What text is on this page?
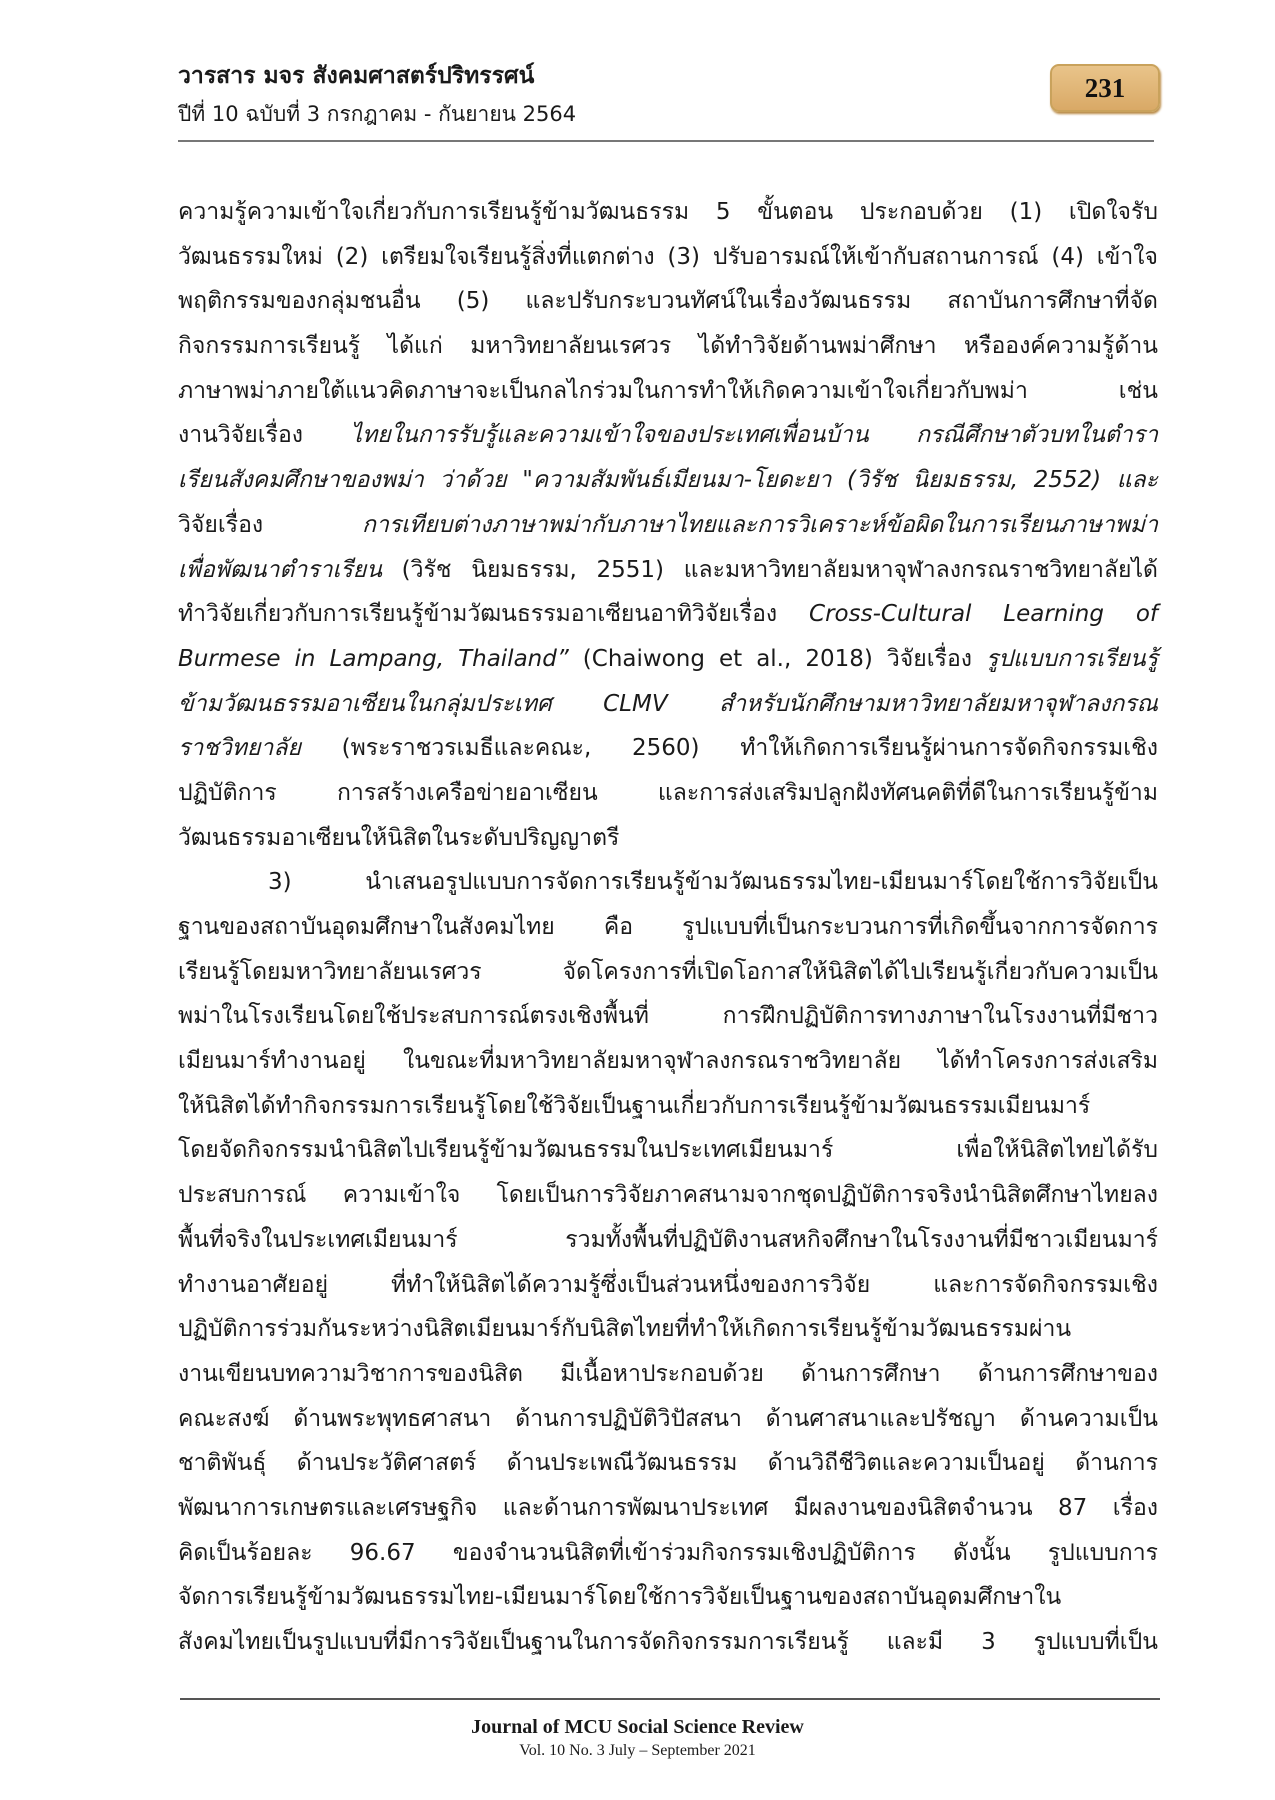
วารสาร มจร สังคมศาสตร์ปริทรรศน์
ปีที่ 10 ฉบับที่ 3 กรกฎาคม - กันยายน 2564
231
ความรู้ความเข้าใจเกี่ยวกับการเรียนรู้ข้ามวัฒนธรรม 5 ขั้นตอน ประกอบด้วย (1) เปิดใจรับ
วัฒนธรรมใหม่ (2) เตรียมใจเรียนรู้สิ่งที่แตกต่าง (3) ปรับอารมณ์ให้เข้ากับสถานการณ์ (4) เข้าใจ
พฤติกรรมของกลุ่มชนอื่น (5) และปรับกระบวนทัศน์ในเรื่องวัฒนธรรม สถาบันการศึกษาที่จัด
กิจกรรมการเรียนรู้ ได้แก่ มหาวิทยาลัยนเรศวร ได้ทำวิจัยด้านพม่าศึกษา หรือองค์ความรู้ด้าน
ภาษาพม่าภายใต้แนวคิดภาษาจะเป็นกลไกร่วมในการทำให้เกิดความเข้าใจเกี่ยวกับพม่า เช่น
งานวิจัยเรื่อง ไทยในการรับรู้และความเข้าใจของประเทศเพื่อนบ้าน กรณีศึกษาตัวบทในตำรา
เรียนสังคมศึกษาของพม่า ว่าด้วย "ความสัมพันธ์เมียนมา-โยดะยา (วิรัช นิยมธรรม, 2552) และ
วิจัยเรื่อง การเทียบต่างภาษาพม่ากับภาษาไทยและการวิเคราะห์ข้อผิดในการเรียนภาษาพม่า
เพื่อพัฒนาตำราเรียน (วิรัช นิยมธรรม, 2551) และมหาวิทยาลัยมหาจุฬาลงกรณราชวิทยาลัยได้
ทำวิจัยเกี่ยวกับการเรียนรู้ข้ามวัฒนธรรมอาเซียนอาทิวิจัยเรื่อง Cross-Cultural Learning of
Burmese in Lampang, Thailand” (Chaiwong et al., 2018) วิจัยเรื่อง รูปแบบการเรียนรู้
ข้ามวัฒนธรรมอาเซียนในกลุ่มประเทศ CLMV สำหรับนักศึกษามหาวิทยาลัยมหาจุฬาลงกรณ
ราชวิทยาลัย (พระราชวรเมธีและคณะ, 2560) ทำให้เกิดการเรียนรู้ผ่านการจัดกิจกรรมเชิง
ปฏิบัติการ การสร้างเครือข่ายอาเซียน และการส่งเสริมปลูกฝังทัศนคติที่ดีในการเรียนรู้ข้าม
วัฒนธรรมอาเซียนให้นิสิตในระดับปริญญาตรี
3) นำเสนอรูปแบบการจัดการเรียนรู้ข้ามวัฒนธรรมไทย-เมียนมาร์โดยใช้การวิจัยเป็น
ฐานของสถาบันอุดมศึกษาในสังคมไทย คือ รูปแบบที่เป็นกระบวนการที่เกิดขึ้นจากการจัดการ
เรียนรู้โดยมหาวิทยาลัยนเรศวร จัดโครงการที่เปิดโอกาสให้นิสิตได้ไปเรียนรู้เกี่ยวกับความเป็น
พม่าในโรงเรียนโดยใช้ประสบการณ์ตรงเชิงพื้นที่ การฝึกปฏิบัติการทางภาษาในโรงงานที่มีชาว
เมียนมาร์ทำงานอยู่ ในขณะที่มหาวิทยาลัยมหาจุฬาลงกรณราชวิทยาลัย ได้ทำโครงการส่งเสริม
ให้นิสิตได้ทำกิจกรรมการเรียนรู้โดยใช้วิจัยเป็นฐานเกี่ยวกับการเรียนรู้ข้ามวัฒนธรรมเมียนมาร์
โดยจัดกิจกรรมนำนิสิตไปเรียนรู้ข้ามวัฒนธรรมในประเทศเมียนมาร์ เพื่อให้นิสิตไทยได้รับ
ประสบการณ์ ความเข้าใจ โดยเป็นการวิจัยภาคสนามจากชุดปฏิบัติการจริงนำนิสิตศึกษาไทยลง
พื้นที่จริงในประเทศเมียนมาร์ รวมทั้งพื้นที่ปฏิบัติงานสหกิจศึกษาในโรงงานที่มีชาวเมียนมาร์
ทำงานอาศัยอยู่ ที่ทำให้นิสิตได้ความรู้ซึ่งเป็นส่วนหนึ่งของการวิจัย และการจัดกิจกรรมเชิง
ปฏิบัติการร่วมกันระหว่างนิสิตเมียนมาร์กับนิสิตไทยที่ทำให้เกิดการเรียนรู้ข้ามวัฒนธรรมผ่าน
งานเขียนบทความวิชาการของนิสิต มีเนื้อหาประกอบด้วย ด้านการศึกษา ด้านการศึกษาของ
คณะสงฆ์ ด้านพระพุทธศาสนา ด้านการปฏิบัติวิปัสสนา ด้านศาสนาและปรัชญา ด้านความเป็น
ชาติพันธุ์ ด้านประวัติศาสตร์ ด้านประเพณีวัฒนธรรม ด้านวิถีชีวิตและความเป็นอยู่ ด้านการ
พัฒนาการเกษตรและเศรษฐกิจ และด้านการพัฒนาประเทศ มีผลงานของนิสิตจำนวน 87 เรื่อง
คิดเป็นร้อยละ 96.67 ของจำนวนนิสิตที่เข้าร่วมกิจกรรมเชิงปฏิบัติการ ดังนั้น รูปแบบการ
จัดการเรียนรู้ข้ามวัฒนธรรมไทย-เมียนมาร์โดยใช้การวิจัยเป็นฐานของสถาบันอุดมศึกษาใน
สังคมไทยเป็นรูปแบบที่มีการวิจัยเป็นฐานในการจัดกิจกรรมการเรียนรู้ และมี 3 รูปแบบที่เป็น
Journal of MCU Social Science Review
Vol. 10 No. 3 July – September 2021
